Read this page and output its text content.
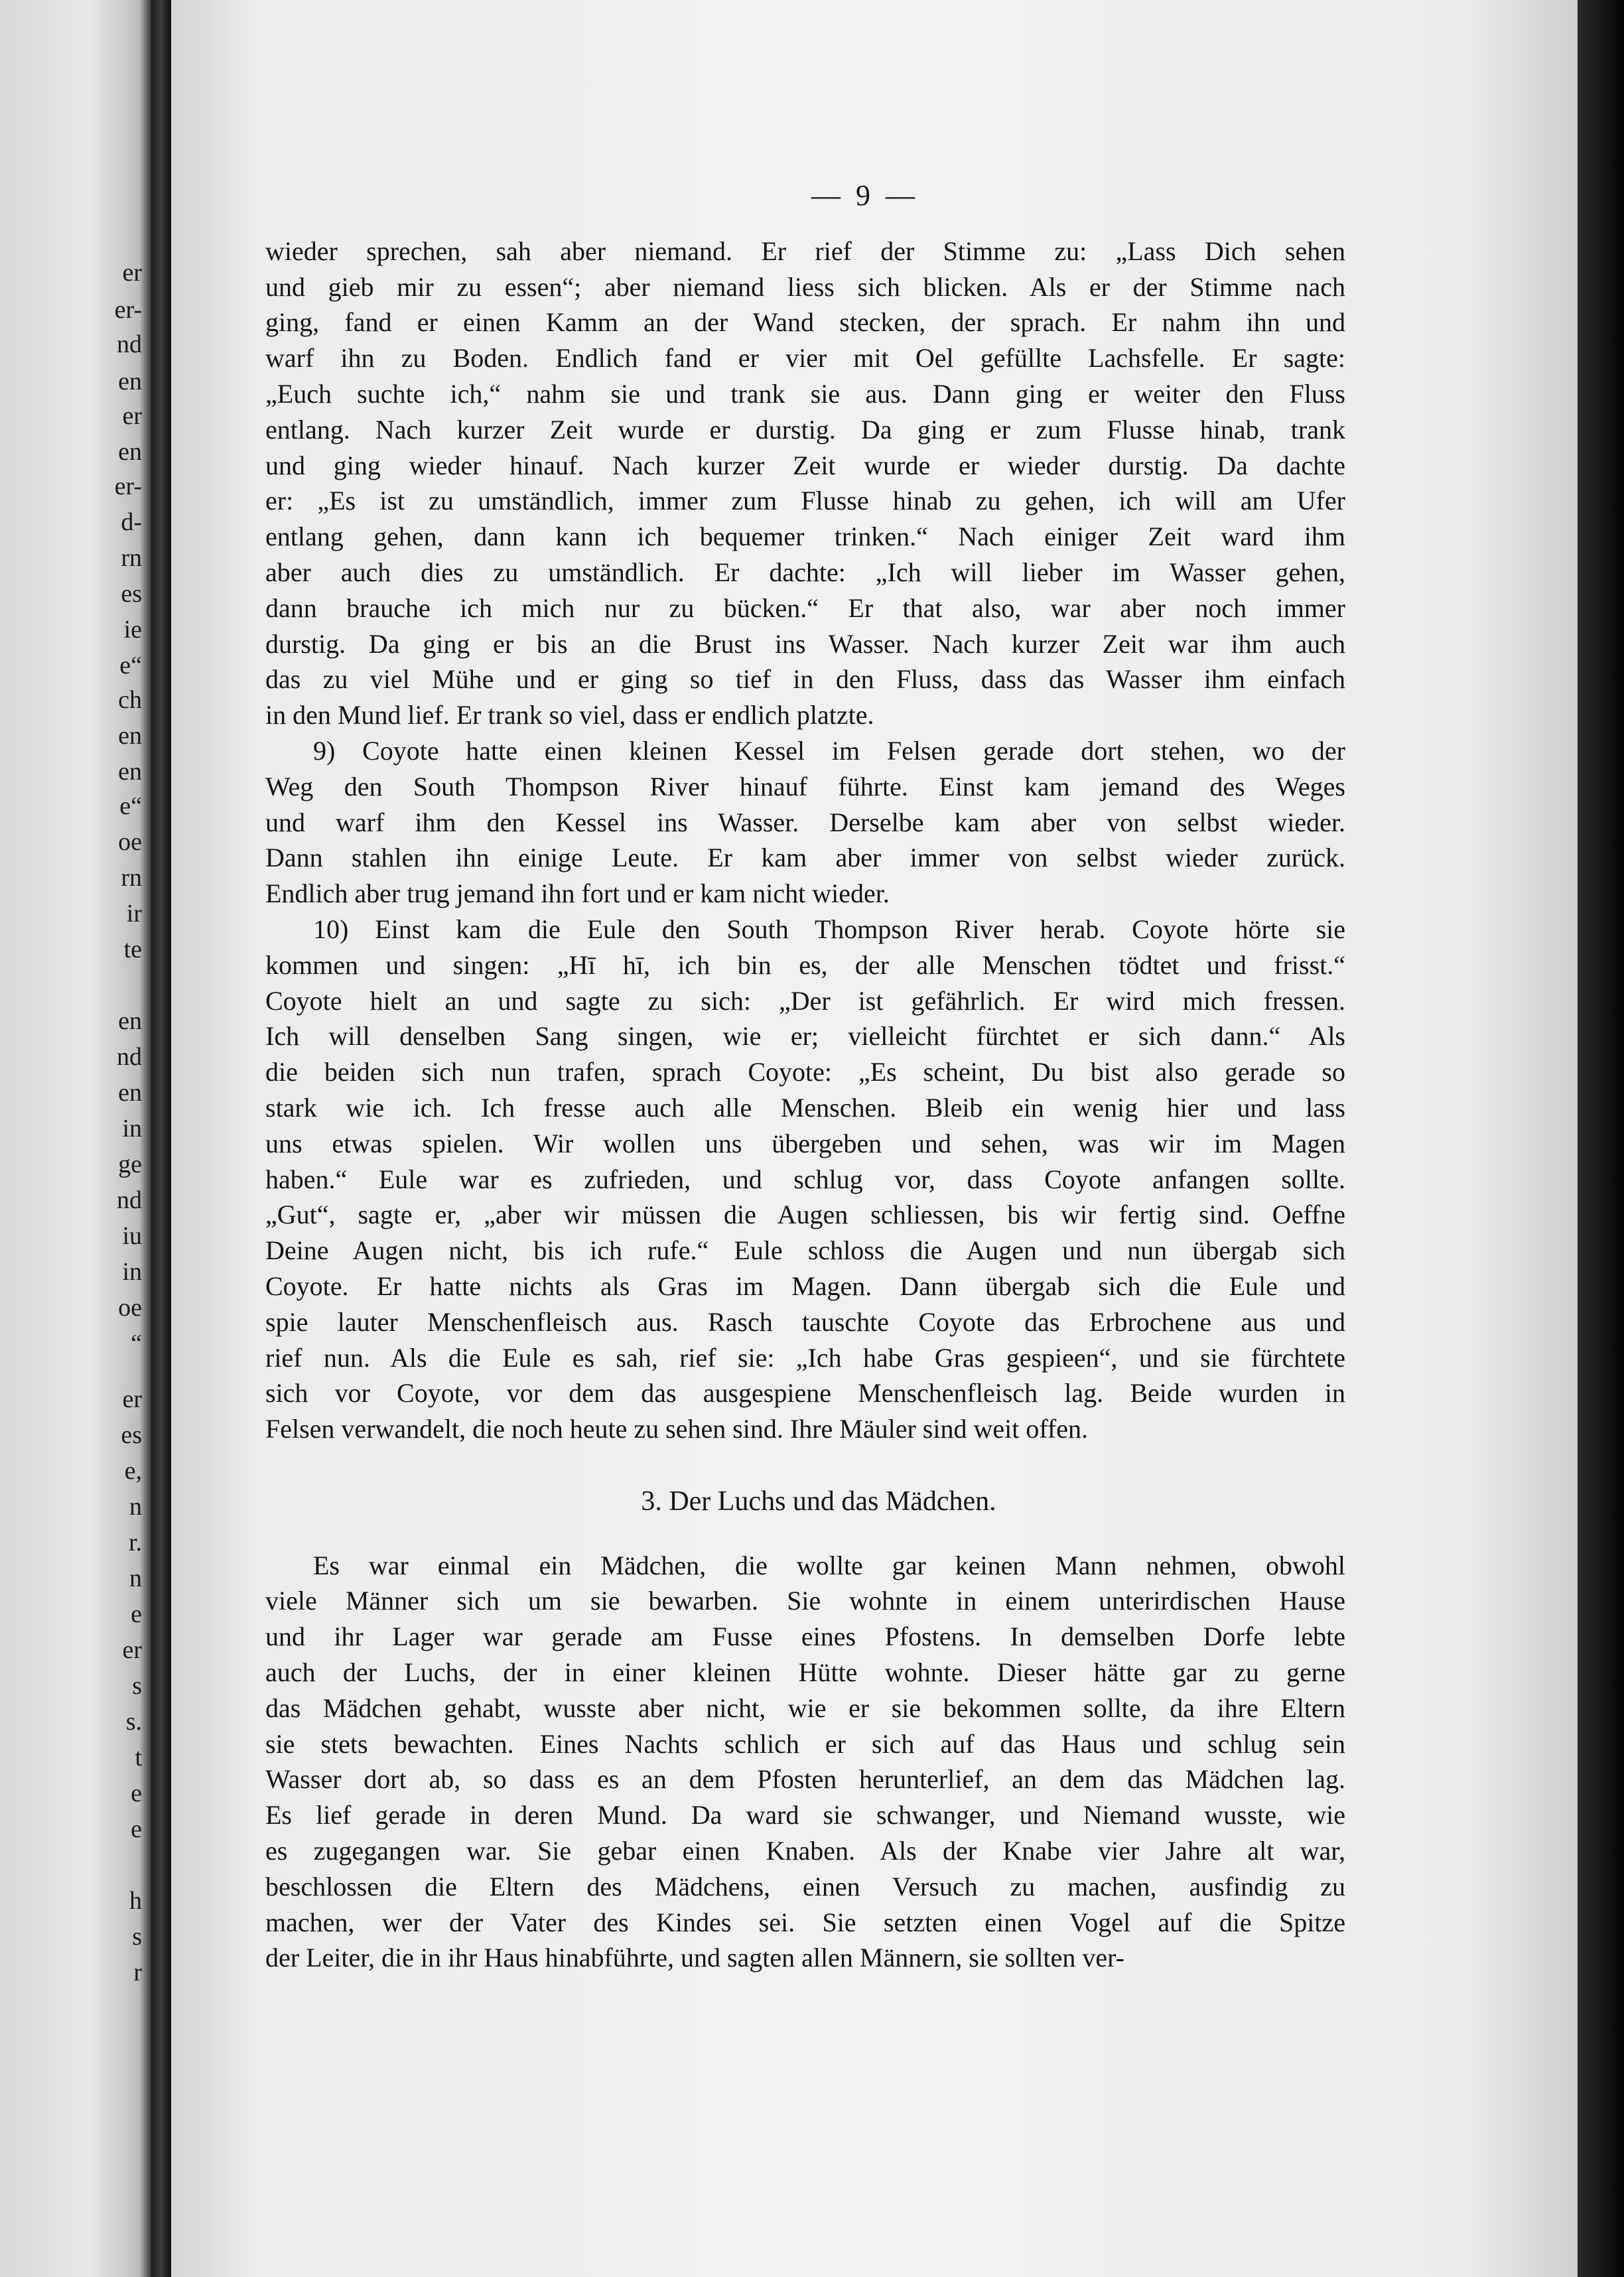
er
er-
nd
en
er
en
er-
d-
rn
es
ie
e“
ch
en
en
e“
oe
rn
ir
te
en
nd
en
in
ge
nd
iu
in
oe
“
er
es
e,
n
r.
n
e
er
s
s.
t
e
e
h
s
r
— 9 —
wieder sprechen, sah aber niemand. Er rief der Stimme zu: „Lass Dich sehen
und gieb mir zu essen“; aber niemand liess sich blicken. Als er der Stimme nach
ging, fand er einen Kamm an der Wand stecken, der sprach. Er nahm ihn und
warf ihn zu Boden. Endlich fand er vier mit Oel gefüllte Lachsfelle. Er sagte:
„Euch suchte ich,“ nahm sie und trank sie aus. Dann ging er weiter den Fluss
entlang. Nach kurzer Zeit wurde er durstig. Da ging er zum Flusse hinab, trank
und ging wieder hinauf. Nach kurzer Zeit wurde er wieder durstig. Da dachte
er: „Es ist zu umständlich, immer zum Flusse hinab zu gehen, ich will am Ufer
entlang gehen, dann kann ich bequemer trinken.“ Nach einiger Zeit ward ihm
aber auch dies zu umständlich. Er dachte: „Ich will lieber im Wasser gehen,
dann brauche ich mich nur zu bücken.“ Er that also, war aber noch immer
durstig. Da ging er bis an die Brust ins Wasser. Nach kurzer Zeit war ihm auch
das zu viel Mühe und er ging so tief in den Fluss, dass das Wasser ihm einfach
in den Mund lief. Er trank so viel, dass er endlich platzte.
9) Coyote hatte einen kleinen Kessel im Felsen gerade dort stehen, wo der
Weg den South Thompson River hinauf führte. Einst kam jemand des Weges
und warf ihm den Kessel ins Wasser. Derselbe kam aber von selbst wieder.
Dann stahlen ihn einige Leute. Er kam aber immer von selbst wieder zurück.
Endlich aber trug jemand ihn fort und er kam nicht wieder.
10) Einst kam die Eule den South Thompson River herab. Coyote hörte sie
kommen und singen: „Hī hī, ich bin es, der alle Menschen tödtet und frisst.“
Coyote hielt an und sagte zu sich: „Der ist gefährlich. Er wird mich fressen.
Ich will denselben Sang singen, wie er; vielleicht fürchtet er sich dann.“ Als
die beiden sich nun trafen, sprach Coyote: „Es scheint, Du bist also gerade so
stark wie ich. Ich fresse auch alle Menschen. Bleib ein wenig hier und lass
uns etwas spielen. Wir wollen uns übergeben und sehen, was wir im Magen
haben.“ Eule war es zufrieden, und schlug vor, dass Coyote anfangen sollte.
„Gut“, sagte er, „aber wir müssen die Augen schliessen, bis wir fertig sind. Oeffne
Deine Augen nicht, bis ich rufe.“ Eule schloss die Augen und nun übergab sich
Coyote. Er hatte nichts als Gras im Magen. Dann übergab sich die Eule und
spie lauter Menschenfleisch aus. Rasch tauschte Coyote das Erbrochene aus und
rief nun. Als die Eule es sah, rief sie: „Ich habe Gras gespieen“, und sie fürchtete
sich vor Coyote, vor dem das ausgespiene Menschenfleisch lag. Beide wurden in
Felsen verwandelt, die noch heute zu sehen sind. Ihre Mäuler sind weit offen.
3. Der Luchs und das Mädchen.
Es war einmal ein Mädchen, die wollte gar keinen Mann nehmen, obwohl
viele Männer sich um sie bewarben. Sie wohnte in einem unterirdischen Hause
und ihr Lager war gerade am Fusse eines Pfostens. In demselben Dorfe lebte
auch der Luchs, der in einer kleinen Hütte wohnte. Dieser hätte gar zu gerne
das Mädchen gehabt, wusste aber nicht, wie er sie bekommen sollte, da ihre Eltern
sie stets bewachten. Eines Nachts schlich er sich auf das Haus und schlug sein
Wasser dort ab, so dass es an dem Pfosten herunterlief, an dem das Mädchen lag.
Es lief gerade in deren Mund. Da ward sie schwanger, und Niemand wusste, wie
es zugegangen war. Sie gebar einen Knaben. Als der Knabe vier Jahre alt war,
beschlossen die Eltern des Mädchens, einen Versuch zu machen, ausfindig zu
machen, wer der Vater des Kindes sei. Sie setzten einen Vogel auf die Spitze
der Leiter, die in ihr Haus hinabführte, und sagten allen Männern, sie sollten ver-
